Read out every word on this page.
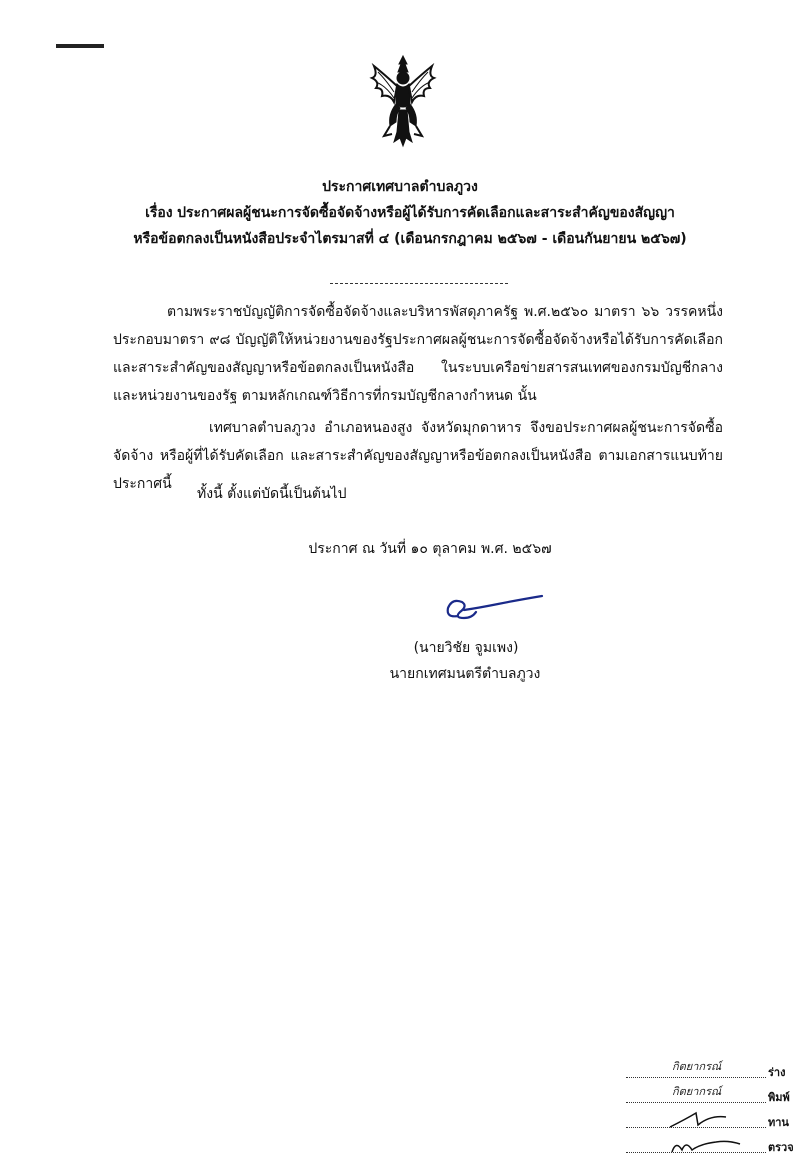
ประกาศเทศบาลตำบลภูวง
เรื่อง ประกาศผลผู้ชนะการจัดซื้อจัดจ้างหรือผู้ได้รับการคัดเลือกและสาระสำคัญของสัญญา
หรือข้อตกลงเป็นหนังสือประจำไตรมาสที่ ๔ (เดือนกรกฎาคม ๒๕๖๗ - เดือนกันยายน ๒๕๖๗)
ตามพระราชบัญญัติการจัดซื้อจัดจ้างและบริหารพัสดุภาครัฐ พ.ศ.๒๕๖๐ มาตรา ๖๖ วรรคหนึ่ง ประกอบมาตรา ๙๘ บัญญัติให้หน่วยงานของรัฐประกาศผลผู้ชนะการจัดซื้อจัดจ้างหรือได้รับการคัดเลือก และสาระสำคัญของสัญญาหรือข้อตกลงเป็นหนังสือ ในระบบเครือข่ายสารสนเทศของกรมบัญชีกลาง และหน่วยงานของรัฐ ตามหลักเกณฑ์วิธีการที่กรมบัญชีกลางกำหนด นั้น
เทศบาลตำบลภูวง อำเภอหนองสูง จังหวัดมุกดาหาร จึงขอประกาศผลผู้ชนะการจัดซื้อจัดจ้าง หรือผู้ที่ได้รับคัดเลือก และสาระสำคัญของสัญญาหรือข้อตกลงเป็นหนังสือ ตามเอกสารแนบท้ายประกาศนี้
ทั้งนี้ ตั้งแต่บัดนี้เป็นต้นไป
ประกาศ ณ วันที่ ๑๐ ตุลาคม พ.ศ. ๒๕๖๗
(นายวิชัย จูมเพง)
นายกเทศมนตรีตำบลภูวง
กิตยากรณ์	ร่าง
กิตยากรณ์	พิมพ์
ทาน
ตรวจ
